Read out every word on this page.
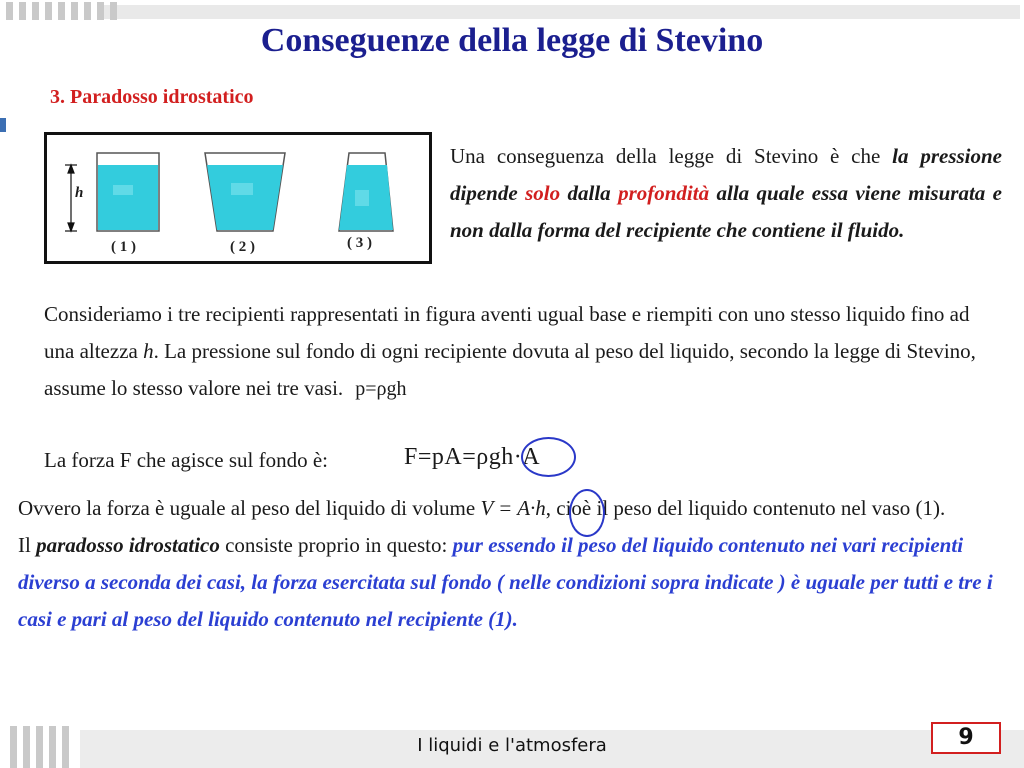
Conseguenze della legge di Stevino
3. Paradosso idrostatico
h
( 1 )	( 2 )	( 3 )
Una conseguenza della legge di Stevino è che la pressione dipende solo dalla profondità alla quale essa viene misurata e non dalla forma del recipiente che contiene il fluido.
Consideriamo i tre recipienti rappresentati in figura aventi ugual base e riempiti con uno stesso liquido fino ad una altezza h. La pressione sul fondo di ogni recipiente dovuta al peso del liquido, secondo la legge di Stevino, assume lo stesso valore nei tre vasi. p=ρgh
La forza F che agisce sul fondo è:	F=pA=ρgh·A
Ovvero la forza è uguale al peso del liquido di volume V = A·h, cioè il peso del liquido contenuto nel vaso (1).
Il paradosso idrostatico consiste proprio in questo: pur essendo il peso del liquido contenuto nei vari recipienti diverso a seconda dei casi, la forza esercitata sul fondo ( nelle condizioni sopra indicate ) è uguale per tutti e tre i casi e pari al peso del liquido contenuto nel recipiente (1).
I liquidi e l'atmosfera	9
